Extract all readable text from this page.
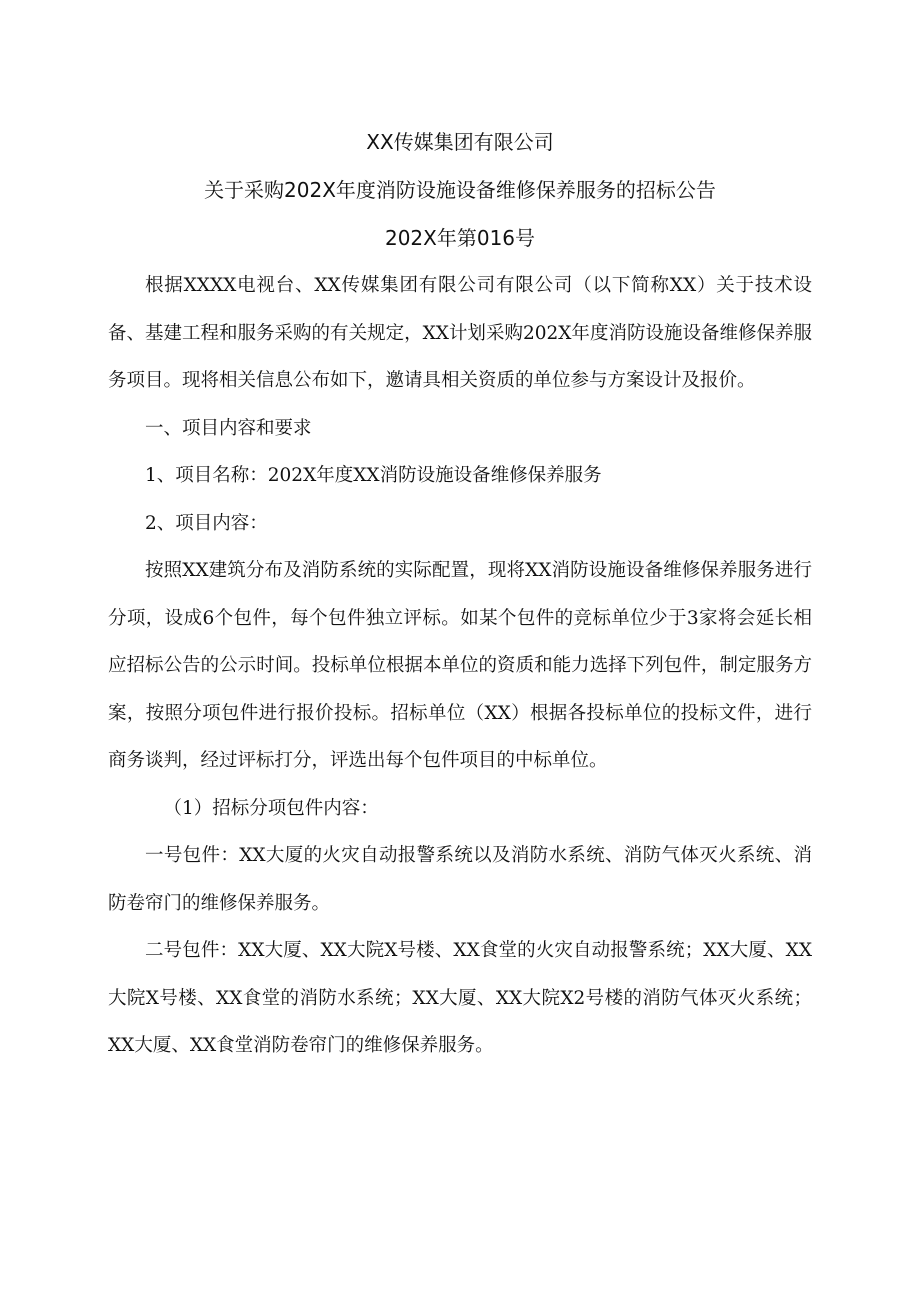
XX传媒集团有限公司

关于采购202X年度消防设施设备维修保养服务的招标公告

202X年第016号

根据XXXX电视台、XX传媒集团有限公司有限公司（以下简称XX）关于技术设备、基建工程和服务采购的有关规定，XX计划采购202X年度消防设施设备维修保养服务项目。现将相关信息公布如下，邀请具相关资质的单位参与方案设计及报价。

一、项目内容和要求

1、项目名称：202X年度XX消防设施设备维修保养服务

2、项目内容：

按照XX建筑分布及消防系统的实际配置，现将XX消防设施设备维修保养服务进行分项，设成6个包件，每个包件独立评标。如某个包件的竞标单位少于3家将会延长相应招标公告的公示时间。投标单位根据本单位的资质和能力选择下列包件，制定服务方案，按照分项包件进行报价投标。招标单位（XX）根据各投标单位的投标文件，进行商务谈判，经过评标打分，评选出每个包件项目的中标单位。

（1）招标分项包件内容：

一号包件：XX大厦的火灾自动报警系统以及消防水系统、消防气体灭火系统、消防卷帘门的维修保养服务。

二号包件：XX大厦、XX大院X号楼、XX食堂的火灾自动报警系统；XX大厦、XX大院X号楼、XX食堂的消防水系统；XX大厦、XX大院X2号楼的消防气体灭火系统；XX大厦、XX食堂消防卷帘门的维修保养服务。
